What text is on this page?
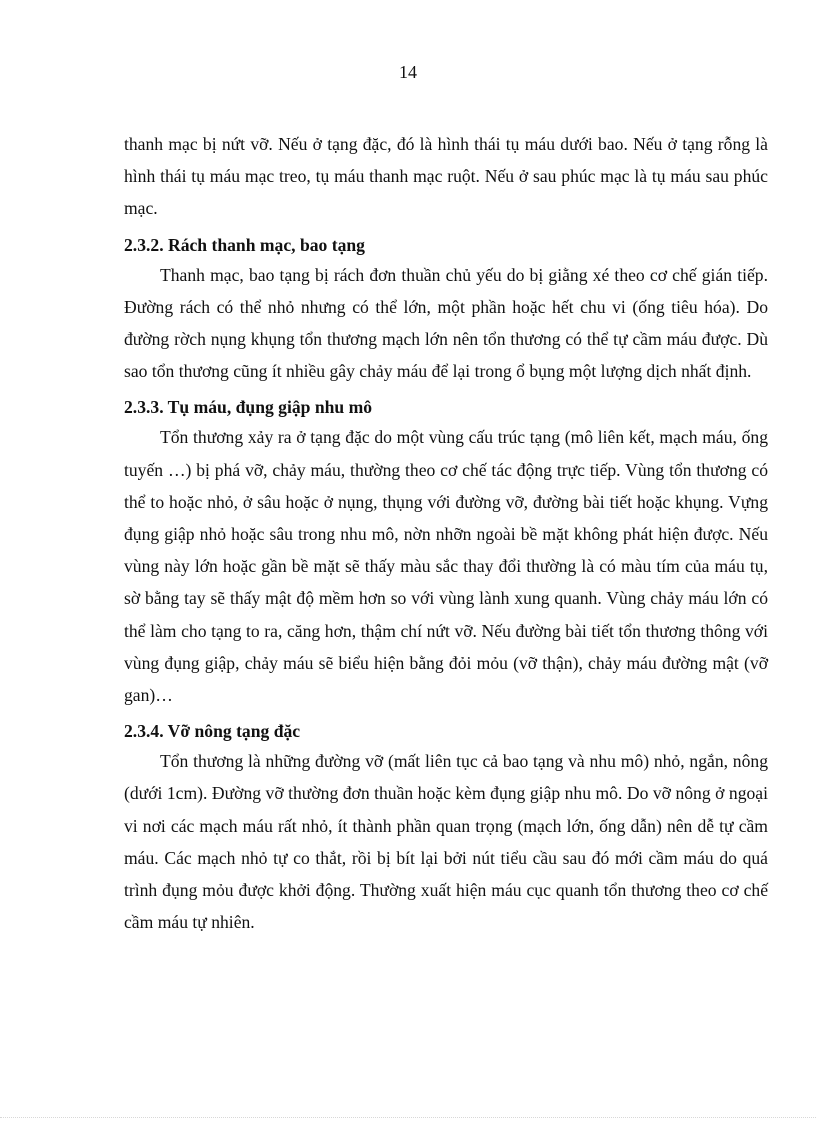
14

thanh mạc bị nứt vỡ. Nếu ở tạng đặc, đó là hình thái tụ máu dưới bao. Nếu ở tạng rỗng là hình thái tụ máu mạc treo, tụ máu thanh mạc ruột. Nếu ở sau phúc mạc là tụ máu sau phúc mạc.

2.3.2. Rách thanh mạc, bao tạng

Thanh mạc, bao tạng bị rách đơn thuần chủ yếu do bị giằng xé theo cơ chế gián tiếp. Đường rách có thể nhỏ nhưng có thể lớn, một phần hoặc hết chu vi (ống tiêu hóa). Do đường rờch nụng khụng tổn thương mạch lớn nên tổn thương có thể tự cầm máu được. Dù sao tổn thương cũng ít nhiều gây chảy máu để lại trong ổ bụng một lượng dịch nhất định.

2.3.3. Tụ máu, đụng giập nhu mô

Tổn thương xảy ra ở tạng đặc do một vùng cấu trúc tạng (mô liên kết, mạch máu, ống tuyến …) bị phá vỡ, chảy máu, thường theo cơ chế tác động trực tiếp. Vùng tổn thương có thể to hoặc nhỏ, ở sâu hoặc ở nụng, thụng với đường vỡ, đường bài tiết hoặc khụng. Vựng đụng giập nhỏ hoặc sâu trong nhu mô, nờn nhỡn ngoài bề mặt không phát hiện được. Nếu vùng này lớn hoặc gần bề mặt sẽ thấy màu sắc thay đổi thường là có màu tím của máu tụ, sờ bằng tay sẽ thấy mật độ mềm hơn so với vùng lành xung quanh. Vùng chảy máu lớn có thể làm cho tạng to ra, căng hơn, thậm chí nứt vỡ. Nếu đường bài tiết tổn thương thông với vùng đụng giập, chảy máu sẽ biểu hiện bằng đỏi mỏu (vỡ thận), chảy máu đường mật (vỡ gan)…

2.3.4. Vỡ nông tạng đặc

Tổn thương là những đường vỡ (mất liên tục cả bao tạng và nhu mô) nhỏ, ngắn, nông (dưới 1cm). Đường vỡ thường đơn thuần hoặc kèm đụng giập nhu mô. Do vỡ nông ở ngoại vi nơi các mạch máu rất nhỏ, ít thành phần quan trọng (mạch lớn, ống dẫn) nên dễ tự cầm máu. Các mạch nhỏ tự co thắt, rồi bị bít lại bởi nút tiểu cầu sau đó mới cầm máu do quá trình đụng mỏu được khởi động. Thường xuất hiện máu cục quanh tổn thương theo cơ chế cầm máu tự nhiên.
